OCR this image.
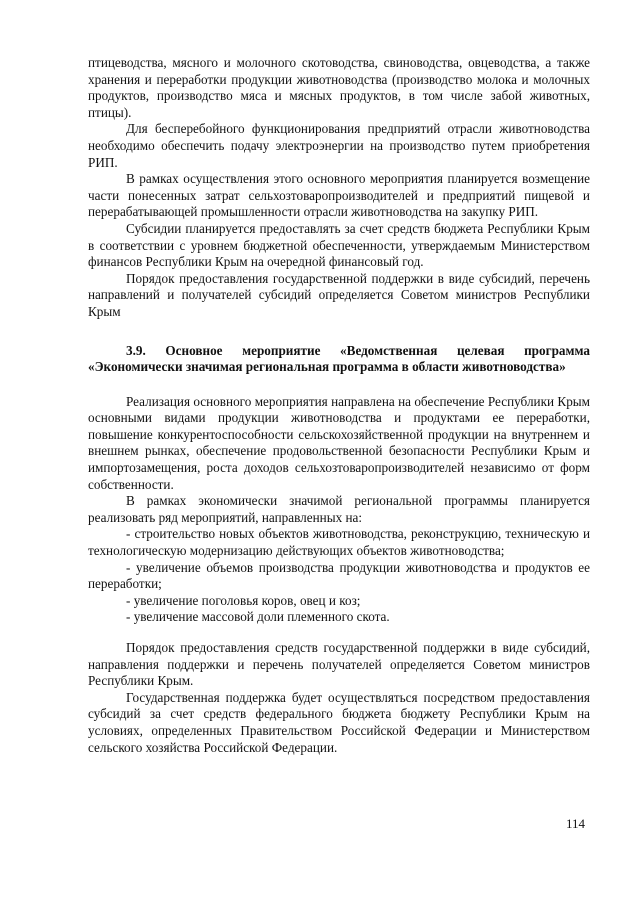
птицеводства, мясного и молочного скотоводства, свиноводства, овцеводства, а также хранения и переработки продукции животноводства (производство молока и молочных продуктов, производство мяса и мясных продуктов, в том числе забой животных, птицы).

Для бесперебойного функционирования предприятий отрасли животноводства необходимо обеспечить подачу электроэнергии на производство путем приобретения РИП.

В рамках осуществления этого основного мероприятия планируется возмещение части понесенных затрат сельхозтоваропроизводителей и предприятий пищевой и перерабатывающей промышленности отрасли животноводства на закупку РИП.

Субсидии планируется предоставлять за счет средств бюджета Республики Крым в соответствии с уровнем бюджетной обеспеченности, утверждаемым Министерством финансов Республики Крым на очередной финансовый год.

Порядок предоставления государственной поддержки в виде субсидий, перечень направлений и получателей субсидий определяется Советом министров Республики Крым

3.9. Основное мероприятие «Ведомственная целевая программа «Экономически значимая региональная программа в области животноводства»

Реализация основного мероприятия направлена на обеспечение Республики Крым основными видами продукции животноводства и продуктами ее переработки, повышение конкурентоспособности сельскохозяйственной продукции на внутреннем и внешнем рынках, обеспечение продовольственной безопасности Республики Крым и импортозамещения, роста доходов сельхозтоваропроизводителей независимо от форм собственности.

В рамках экономически значимой региональной программы планируется реализовать ряд мероприятий, направленных на:

- строительство новых объектов животноводства, реконструкцию, техническую и технологическую модернизацию действующих объектов животноводства;

- увеличение объемов производства продукции животноводства и продуктов ее переработки;

- увеличение поголовья коров, овец и коз;

- увеличение массовой доли племенного скота.

Порядок предоставления средств государственной поддержки в виде субсидий, направления поддержки и перечень получателей определяется Советом министров Республики Крым.

Государственная поддержка будет осуществляться посредством предоставления субсидий за счет средств федерального бюджета бюджету Республики Крым на условиях, определенных Правительством Российской Федерации и Министерством сельского хозяйства Российской Федерации.

114
